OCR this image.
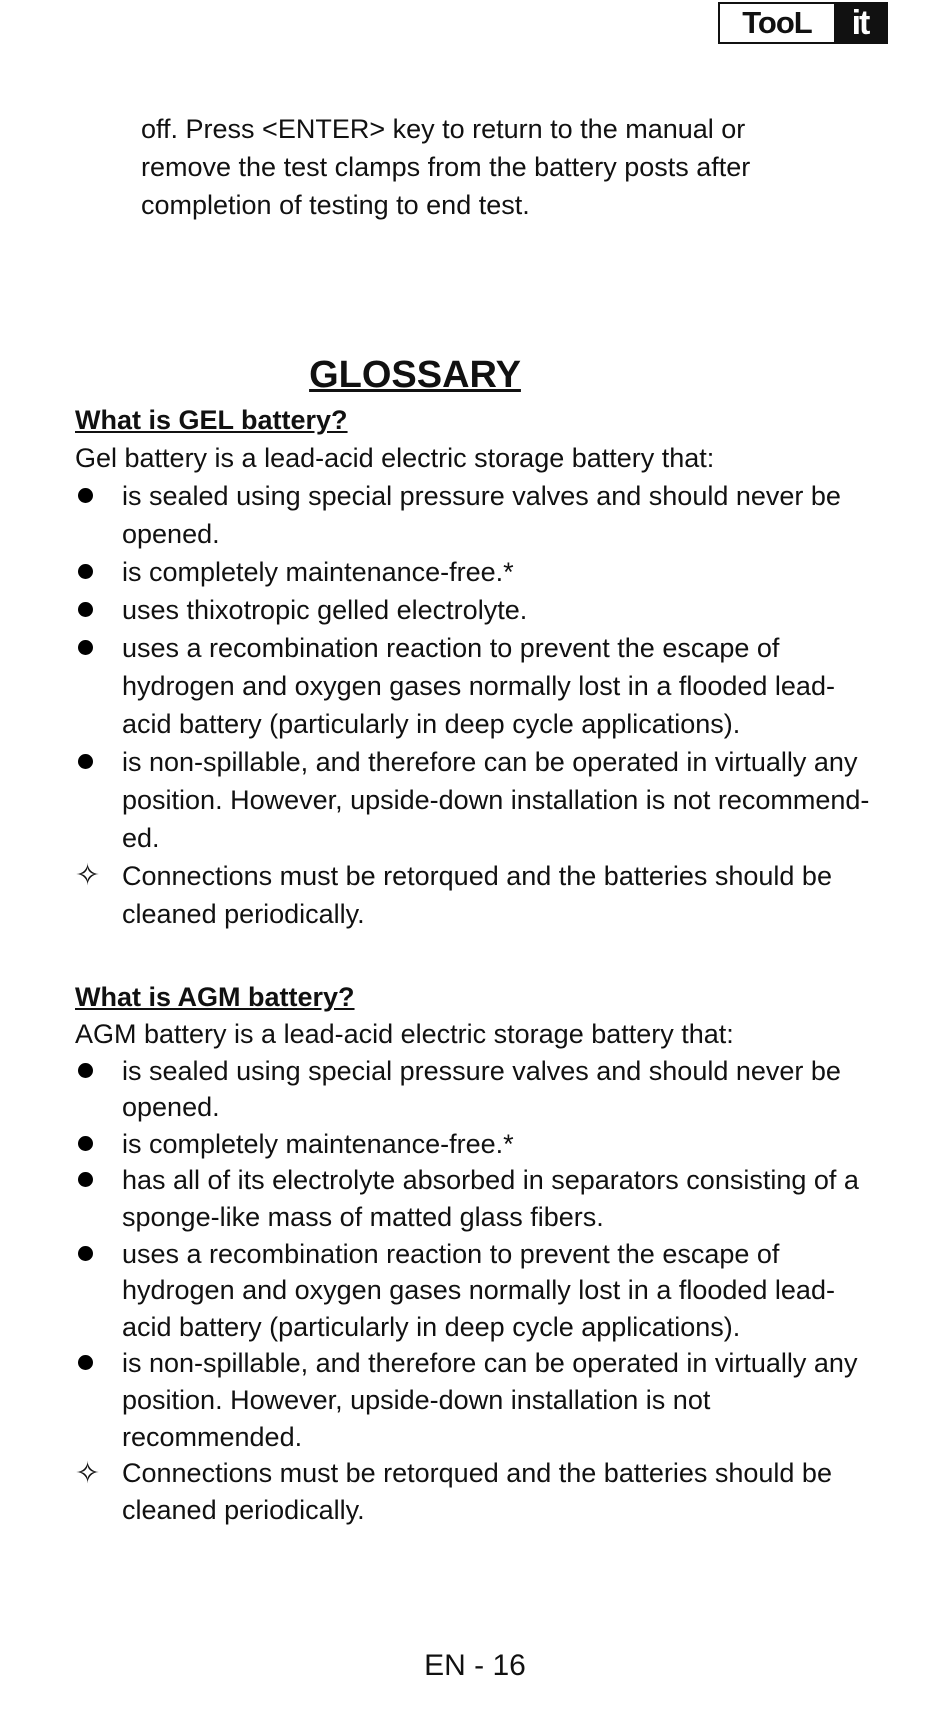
TooL	it
off. Press <ENTER> key to return to the manual or
remove the test clamps from the battery posts after
completion of testing to end test.
GLOSSARY

What is GEL battery?

Gel battery is a lead-acid electric storage battery that:

is sealed using special pressure valves and should never be opened.
is completely maintenance-free.*
uses thixotropic gelled electrolyte.
uses a recombination reaction to prevent the escape of hydrogen and oxygen gases normally lost in a flooded lead-acid battery (particularly in deep cycle applications).
is non-spillable, and therefore can be operated in virtually any position. However, upside-down installation is not recommend-ed.
✧ Connections must be retorqued and the batteries should be cleaned periodically.

What is AGM battery?

AGM battery is a lead-acid electric storage battery that:

is sealed using special pressure valves and should never be opened.
is completely maintenance-free.*
has all of its electrolyte absorbed in separators consisting of a sponge-like mass of matted glass fibers.
uses a recombination reaction to prevent the escape of hydrogen and oxygen gases normally lost in a flooded lead-acid battery (particularly in deep cycle applications).
is non-spillable, and therefore can be operated in virtually any position. However, upside-down installation is not recommended.
✧ Connections must be retorqued and the batteries should be cleaned periodically.

EN - 16
